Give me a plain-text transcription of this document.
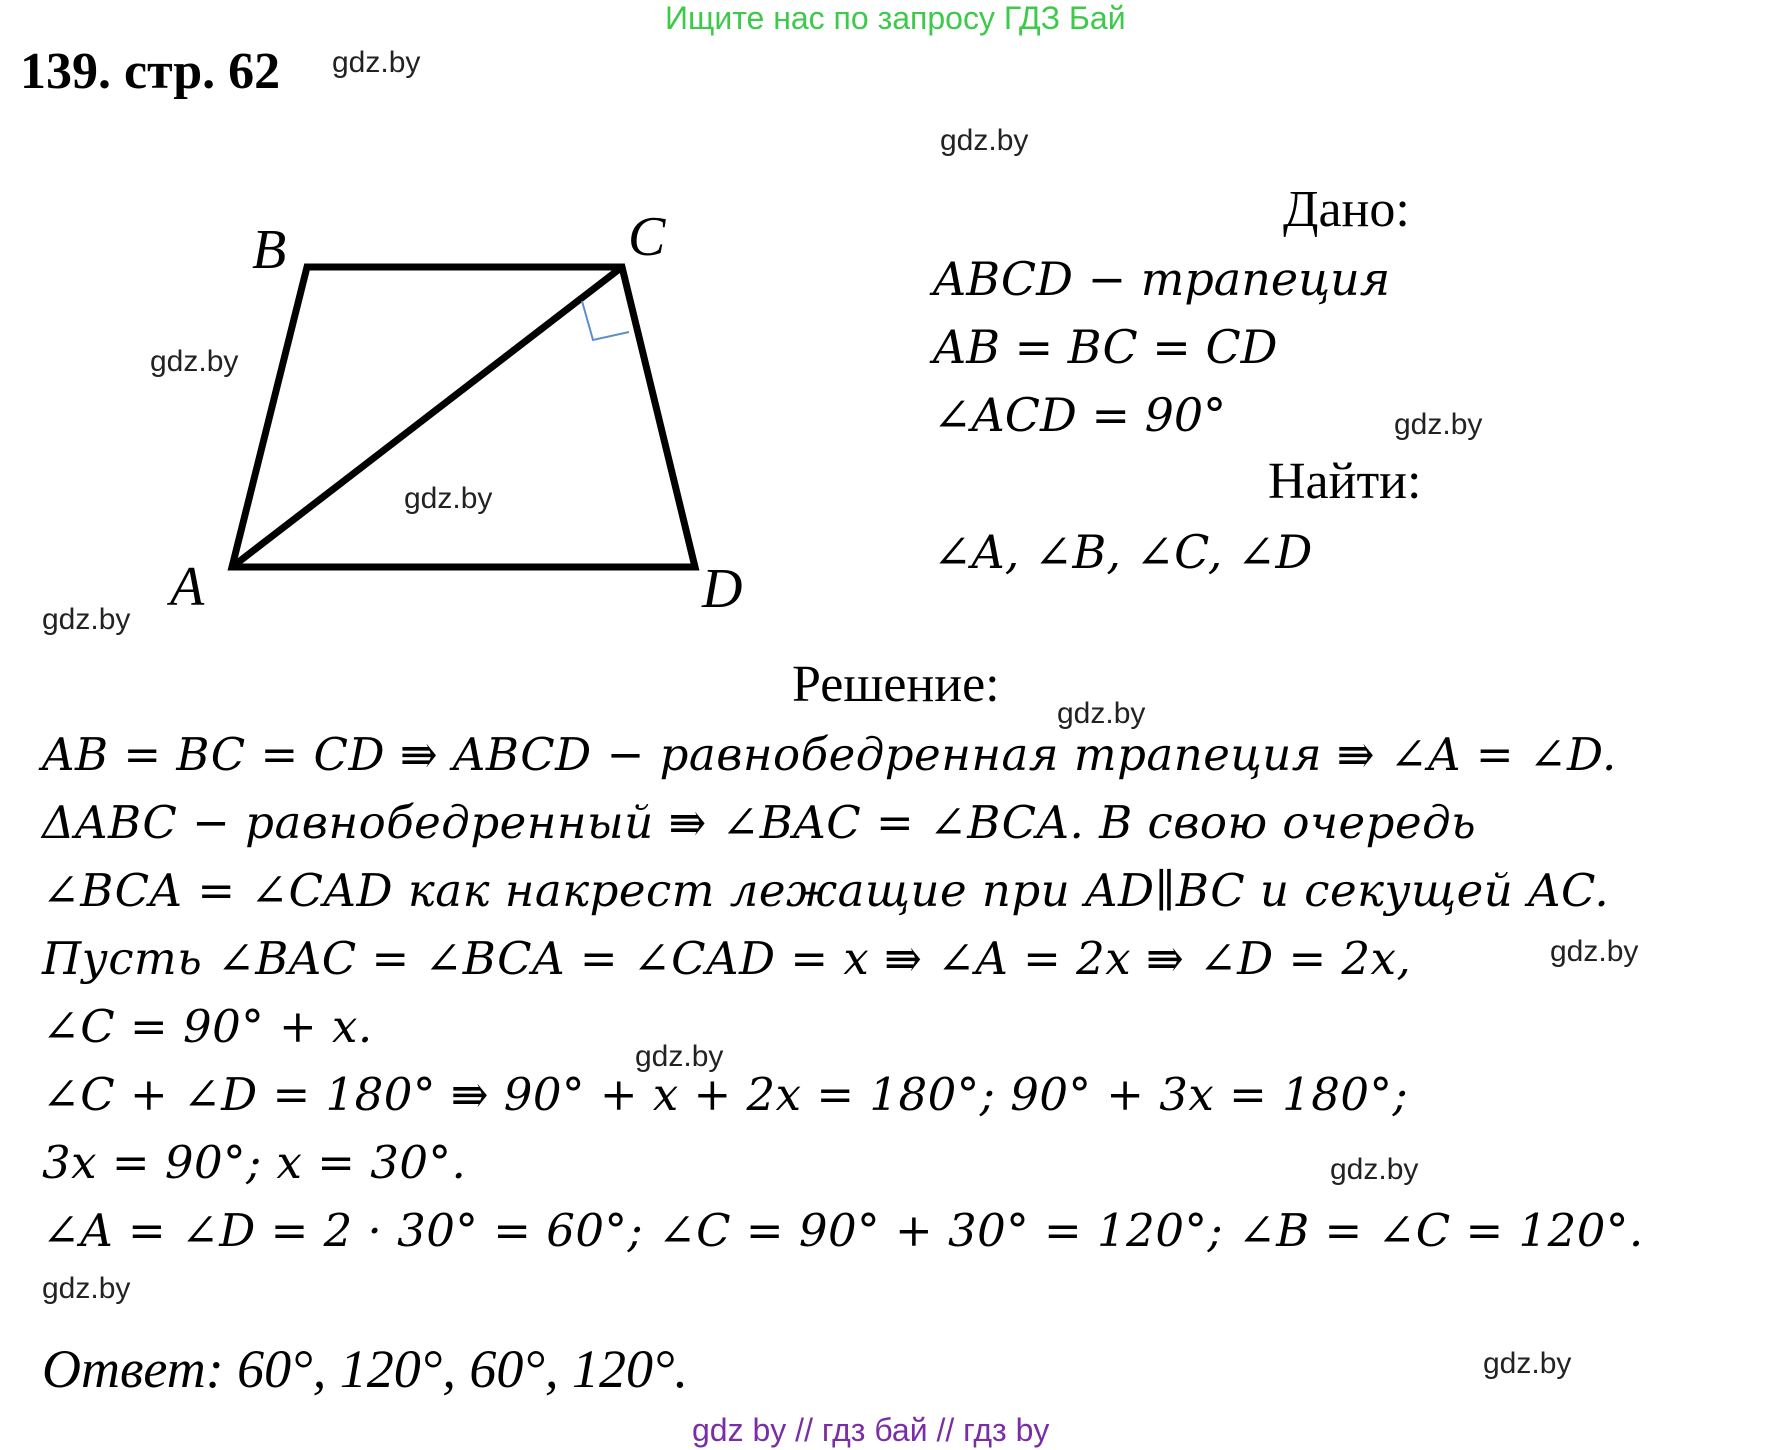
Ищите нас по запросу ГДЗ Бай
139. стр. 62 gdz.by
gdz.by
gdz.by
gdz.by
gdz.by
gdz.by
gdz.by
gdz.by
gdz.by
gdz.by
gdz.by
gdz.by
B	C
A	D
Дано:
ABCD − трапеция
AB = BC = CD
∠ACD = 90°
Найти:
∠A, ∠B, ∠C, ∠D
Решение:
AB = BC = CD ⇛ ABCD − равнобедренная трапеция ⇛ ∠A = ∠D.
ΔABC − равнобедренный ⇛ ∠BAC = ∠BCA. В свою очередь
∠BCA = ∠CAD как накрест лежащие при AD∥BC и секущей AC.
Пусть ∠BAC = ∠BCA = ∠CAD = x ⇛ ∠A = 2x ⇛ ∠D = 2x,
∠C = 90° + x.
∠C + ∠D = 180° ⇛ 90° + x + 2x = 180°; 90° + 3x = 180°;
3x = 90°; x = 30°.
∠A = ∠D = 2 · 30° = 60°; ∠C = 90° + 30° = 120°; ∠B = ∠C = 120°.
Ответ: 60°, 120°, 60°, 120°.
gdz by // гдз бай // гдз by
